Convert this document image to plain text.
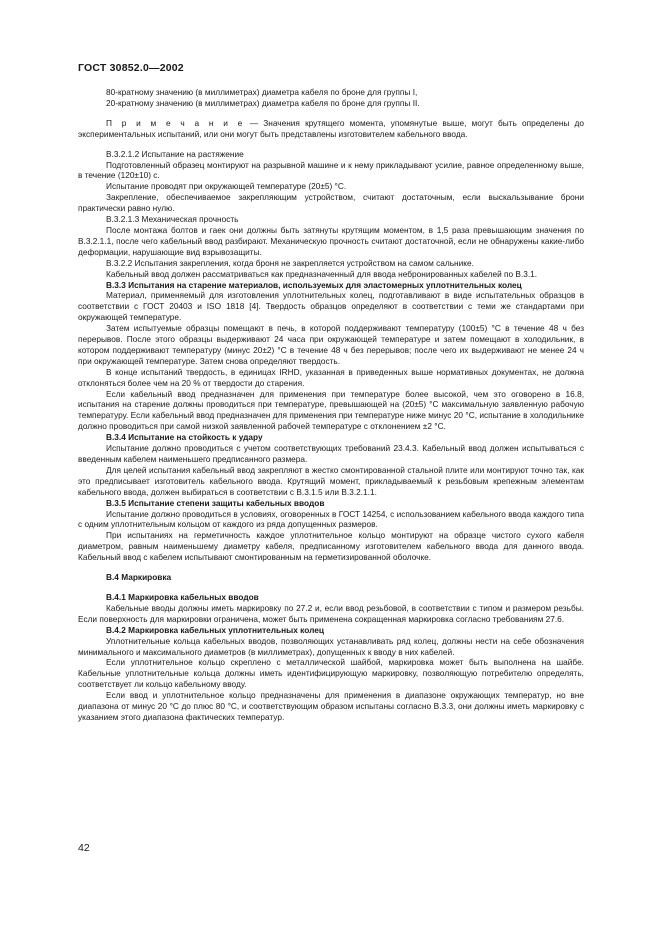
ГОСТ 30852.0—2002

80-кратному значению (в миллиметрах) диаметра кабеля по броне для группы I,

20-кратному значению (в миллиметрах) диаметра кабеля по броне для группы II.

П р и м е ч а н и е — Значения крутящего момента, упомянутые выше, могут быть определены до экспериментальных испытаний, или они могут быть представлены изготовителем кабельного ввода.

В.3.2.1.2 Испытание на растяжение

Подготовленный образец монтируют на разрывной машине и к нему прикладывают усилие, равное определенному выше, в течение (120±10) с.

Испытание проводят при окружающей температуре (20±5) °С.

Закрепление, обеспечиваемое закрепляющим устройством, считают достаточным, если выскальзывание брони практически равно нулю.

В.3.2.1.3 Механическая прочность

После монтажа болтов и гаек они должны быть затянуты крутящим моментом, в 1,5 раза превышающим значения по В.3.2.1.1, после чего кабельный ввод разбирают. Механическую прочность считают достаточной, если не обнаружены какие-либо деформации, нарушающие вид взрывозащиты.

В.3.2.2 Испытания закрепления, когда броня не закрепляется устройством на самом сальнике.

Кабельный ввод должен рассматриваться как предназначенный для ввода небронированных кабелей по В.3.1.

В.3.3 Испытания на старение материалов, используемых для эластомерных уплотнительных колец

Материал, применяемый для изготовления уплотнительных колец, подготавливают в виде испытательных образцов в соответствии с ГОСТ 20403 и ISO 1818 [4]. Твердость образцов определяют в соответствии с теми же стандартами при окружающей температуре.

Затем испытуемые образцы помещают в печь, в которой поддерживают температуру (100±5) °С в течение 48 ч без перерывов. После этого образцы выдерживают 24 часа при окружающей температуре и затем помещают в холодильник, в котором поддерживают температуру (минус 20±2) °С в течение 48 ч без перерывов; после чего их выдерживают не менее 24 ч при окружающей температуре. Затем снова определяют твердость.

В конце испытаний твердость, в единицах IRHD, указанная в приведенных выше нормативных документах, не должна отклоняться более чем на 20 % от твердости до старения.

Если кабельный ввод предназначен для применения при температуре более высокой, чем это оговорено в 16.8, испытания на старение должны проводиться при температуре, превышающей на (20±5) °С максимальную заявленную рабочую температуру. Если кабельный ввод предназначен для применения при температуре ниже минус 20 °С, испытание в холодильнике должно проводиться при самой низкой заявленной рабочей температуре с отклонением ±2 °С.

В.3.4 Испытание на стойкость к удару

Испытание должно проводиться с учетом соответствующих требований 23.4.3. Кабельный ввод должен испытываться с введенным кабелем наименьшего предписанного размера.

Для целей испытания кабельный ввод закрепляют в жестко смонтированной стальной плите или монтируют точно так, как это предписывает изготовитель кабельного ввода. Крутящий момент, прикладываемый к резьбовым крепежным элементам кабельного ввода, должен выбираться в соответствии с В.3.1.5 или В.3.2.1.1.

В.3.5 Испытание степени защиты кабельных вводов

Испытание должно проводиться в условиях, оговоренных в ГОСТ 14254, с использованием кабельного ввода каждого типа с одним уплотнительным кольцом от каждого из ряда допущенных размеров.

При испытаниях на герметичность каждое уплотнительное кольцо монтируют на образце чистого сухого кабеля диаметром, равным наименьшему диаметру кабеля, предписанному изготовителем кабельного ввода для данного ввода. Кабельный ввод с кабелем испытывают смонтированным на герметизированной оболочке.

В.4 Маркировка

В.4.1 Маркировка кабельных вводов

Кабельные вводы должны иметь маркировку по 27.2 и, если ввод резьбовой, в соответствии с типом и размером резьбы. Если поверхность для маркировки ограничена, может быть применена сокращенная маркировка согласно требованиям 27.6.

В.4.2 Маркировка кабельных уплотнительных колец

Уплотнительные кольца кабельных вводов, позволяющих устанавливать ряд колец, должны нести на себе обозначения минимального и максимального диаметров (в миллиметрах), допущенных к вводу в них кабелей.

Если уплотнительное кольцо скреплено с металлической шайбой, маркировка может быть выполнена на шайбе. Кабельные уплотнительные кольца должны иметь идентифицирующую маркировку, позволяющую потребителю определять, соответствует ли кольцо кабельному вводу.

Если ввод и уплотнительное кольцо предназначены для применения в диапазоне окружающих температур, но вне диапазона от минус 20 °С до плюс 80 °С, и соответствующим образом испытаны согласно В.3.3, они должны иметь маркировку с указанием этого диапазона фактических температур.

42
